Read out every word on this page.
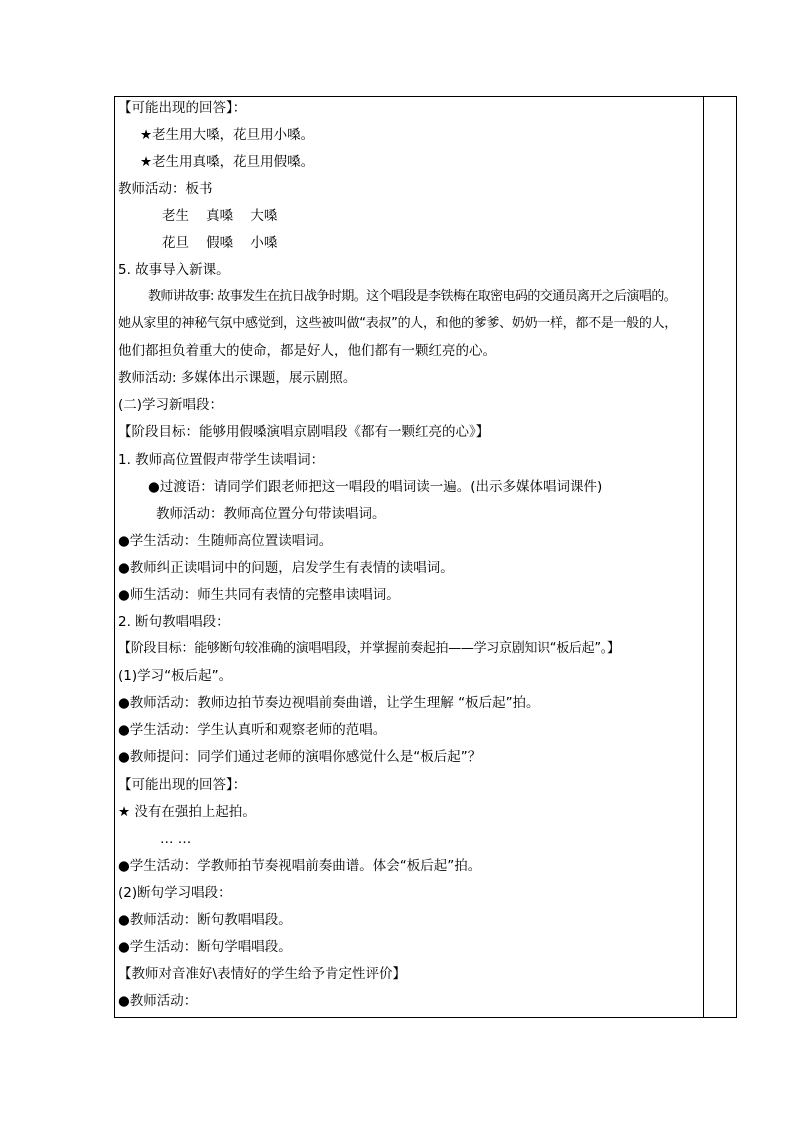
【可能出现的回答】：
★老生用大嗓，花旦用小嗓。
★老生用真嗓，花旦用假嗓。
教师活动：板书
老生    真嗓    大嗓
花旦    假嗓    小嗓
5. 故事导入新课。
教师讲故事: 故事发生在抗日战争时期。这个唱段是李铁梅在取密电码的交通员离开之后演唱的。
她从家里的神秘气氛中感觉到，这些被叫做“表叔”的人，和他的爹爹、奶奶一样，都不是一般的人，
他们都担负着重大的使命，都是好人，他们都有一颗红亮的心。
教师活动: 多媒体出示课题，展示剧照。
(二)学习新唱段：
【阶段目标：能够用假嗓演唱京剧唱段《都有一颗红亮的心》】
1. 教师高位置假声带学生读唱词：
●过渡语：请同学们跟老师把这一唱段的唱词读一遍。(出示多媒体唱词课件)
教师活动：教师高位置分句带读唱词。
●学生活动：生随师高位置读唱词。
●教师纠正读唱词中的问题，启发学生有表情的读唱词。
●师生活动：师生共同有表情的完整串读唱词。
2. 断句教唱唱段：
【阶段目标：能够断句较准确的演唱唱段，并掌握前奏起拍——学习京剧知识“板后起”。】
(1)学习“板后起”。
●教师活动：教师边拍节奏边视唱前奏曲谱，让学生理解 “板后起”拍。
●学生活动：学生认真听和观察老师的范唱。
●教师提问：同学们通过老师的演唱你感觉什么是“板后起”？
【可能出现的回答】：
★ 没有在强拍上起拍。
… …
●学生活动：学教师拍节奏视唱前奏曲谱。体会“板后起”拍。
(2)断句学习唱段：
●教师活动：断句教唱唱段。
●学生活动：断句学唱唱段。
【教师对音准好\表情好的学生给予肯定性评价】
●教师活动：
